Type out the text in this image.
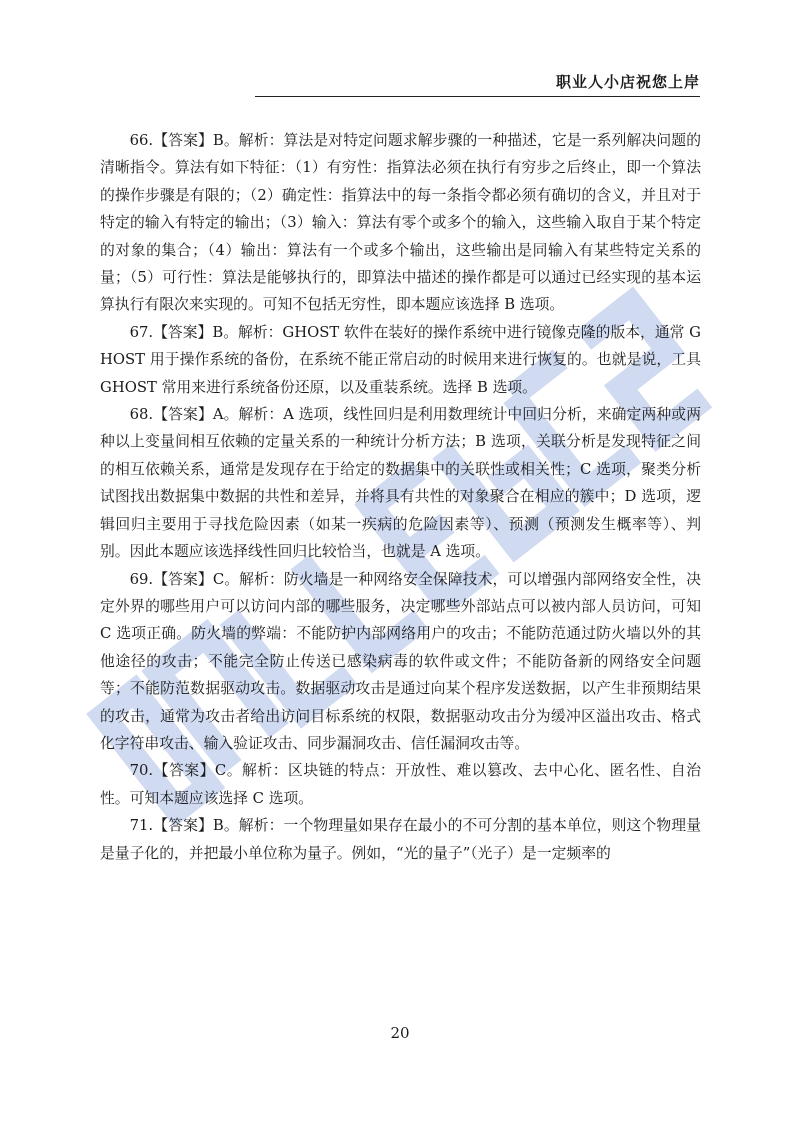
职业人小店祝您上岸

66.【答案】B。解析：算法是对特定问题求解步骤的一种描述，它是一系列解决问题的清晰指令。算法有如下特征：（1）有穷性：指算法必须在执行有穷步之后终止，即一个算法的操作步骤是有限的；（2）确定性：指算法中的每一条指令都必须有确切的含义，并且对于特定的输入有特定的输出；（3）输入：算法有零个或多个的输入，这些输入取自于某个特定的对象的集合；（4）输出：算法有一个或多个输出，这些输出是同输入有某些特定关系的量；（5）可行性：算法是能够执行的，即算法中描述的操作都是可以通过已经实现的基本运算执行有限次来实现的。可知不包括无穷性，即本题应该选择 B 选项。

67.【答案】B。解析：GHOST 软件在装好的操作系统中进行镜像克隆的版本，通常 GHOST 用于操作系统的备份，在系统不能正常启动的时候用来进行恢复的。也就是说，工具 GHOST 常用来进行系统备份还原，以及重装系统。选择 B 选项。

68.【答案】A。解析：A 选项，线性回归是利用数理统计中回归分析，来确定两种或两种以上变量间相互依赖的定量关系的一种统计分析方法；B 选项，关联分析是发现特征之间的相互依赖关系，通常是发现存在于给定的数据集中的关联性或相关性；C 选项，聚类分析试图找出数据集中数据的共性和差异，并将具有共性的对象聚合在相应的簇中；D 选项，逻辑回归主要用于寻找危险因素（如某一疾病的危险因素等）、预测（预测发生概率等）、判别。因此本题应该选择线性回归比较恰当，也就是 A 选项。

69.【答案】C。解析：防火墙是一种网络安全保障技术，可以增强内部网络安全性，决定外界的哪些用户可以访问内部的哪些服务，决定哪些外部站点可以被内部人员访问，可知 C 选项正确。防火墙的弊端：不能防护内部网络用户的攻击；不能防范通过防火墙以外的其他途径的攻击；不能完全防止传送已感染病毒的软件或文件；不能防备新的网络安全问题等；不能防范数据驱动攻击。数据驱动攻击是通过向某个程序发送数据，以产生非预期结果的攻击，通常为攻击者给出访问目标系统的权限，数据驱动攻击分为缓冲区溢出攻击、格式化字符串攻击、输入验证攻击、同步漏洞攻击、信任漏洞攻击等。

70.【答案】C。解析：区块链的特点：开放性、难以篡改、去中心化、匿名性、自治性。可知本题应该选择 C 选项。

71.【答案】B。解析：一个物理量如果存在最小的不可分割的基本单位，则这个物理量是量子化的，并把最小单位称为量子。例如，“光的量子”（光子）是一定频率的

20
